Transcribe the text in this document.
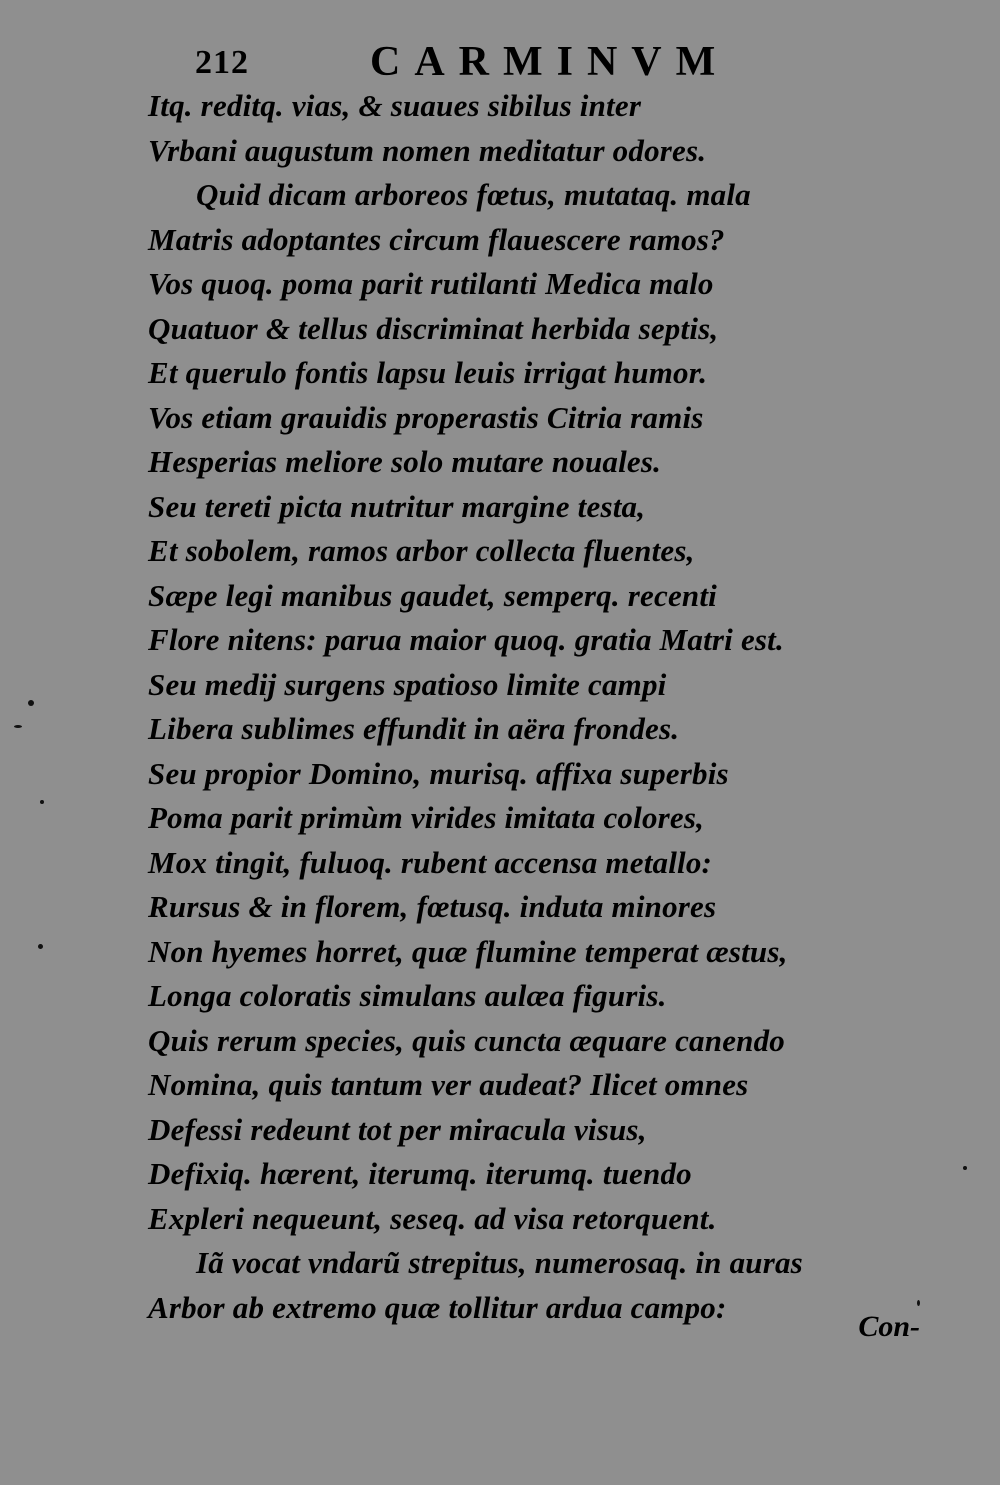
212	CARMINVM
Itq. reditq. vias, & suaues sibilus inter
Vrbani augustum nomen meditatur odores.
Quid dicam arboreos fœtus, mutataq. mala
Matris adoptantes circum flauescere ramos?
Vos quoq. poma parit rutilanti Medica malo
Quatuor & tellus discriminat herbida septis,
Et querulo fontis lapsu leuis irrigat humor.
Vos etiam grauidis properastis Citria ramis
Hesperias meliore solo mutare nouales.
Seu tereti picta nutritur margine testa,
Et sobolem, ramos arbor collecta fluentes,
Sæpe legi manibus gaudet, semperq. recenti
Flore nitens: parua maior quoq. gratia Matri est.
Seu medij surgens spatioso limite campi
Libera sublimes effundit in aëra frondes.
Seu propior Domino, murisq. affixa superbis
Poma parit primùm virides imitata colores,
Mox tingit, fuluoq. rubent accensa metallo:
Rursus & in florem, fœtusq. induta minores
Non hyemes horret, quæ flumine temperat æstus,
Longa coloratis simulans aulæa figuris.
Quis rerum species, quis cuncta æquare canendo
Nomina, quis tantum ver audeat? Ilicet omnes
Defessi redeunt tot per miracula visus,
Defixiq. hærent, iterumq. iterumq. tuendo
Expleri nequeunt, seseq. ad visa retorquent.
Iã vocat vndarũ strepitus, numerosaq. in auras
Arbor ab extremo quæ tollitur ardua campo:
Con-
